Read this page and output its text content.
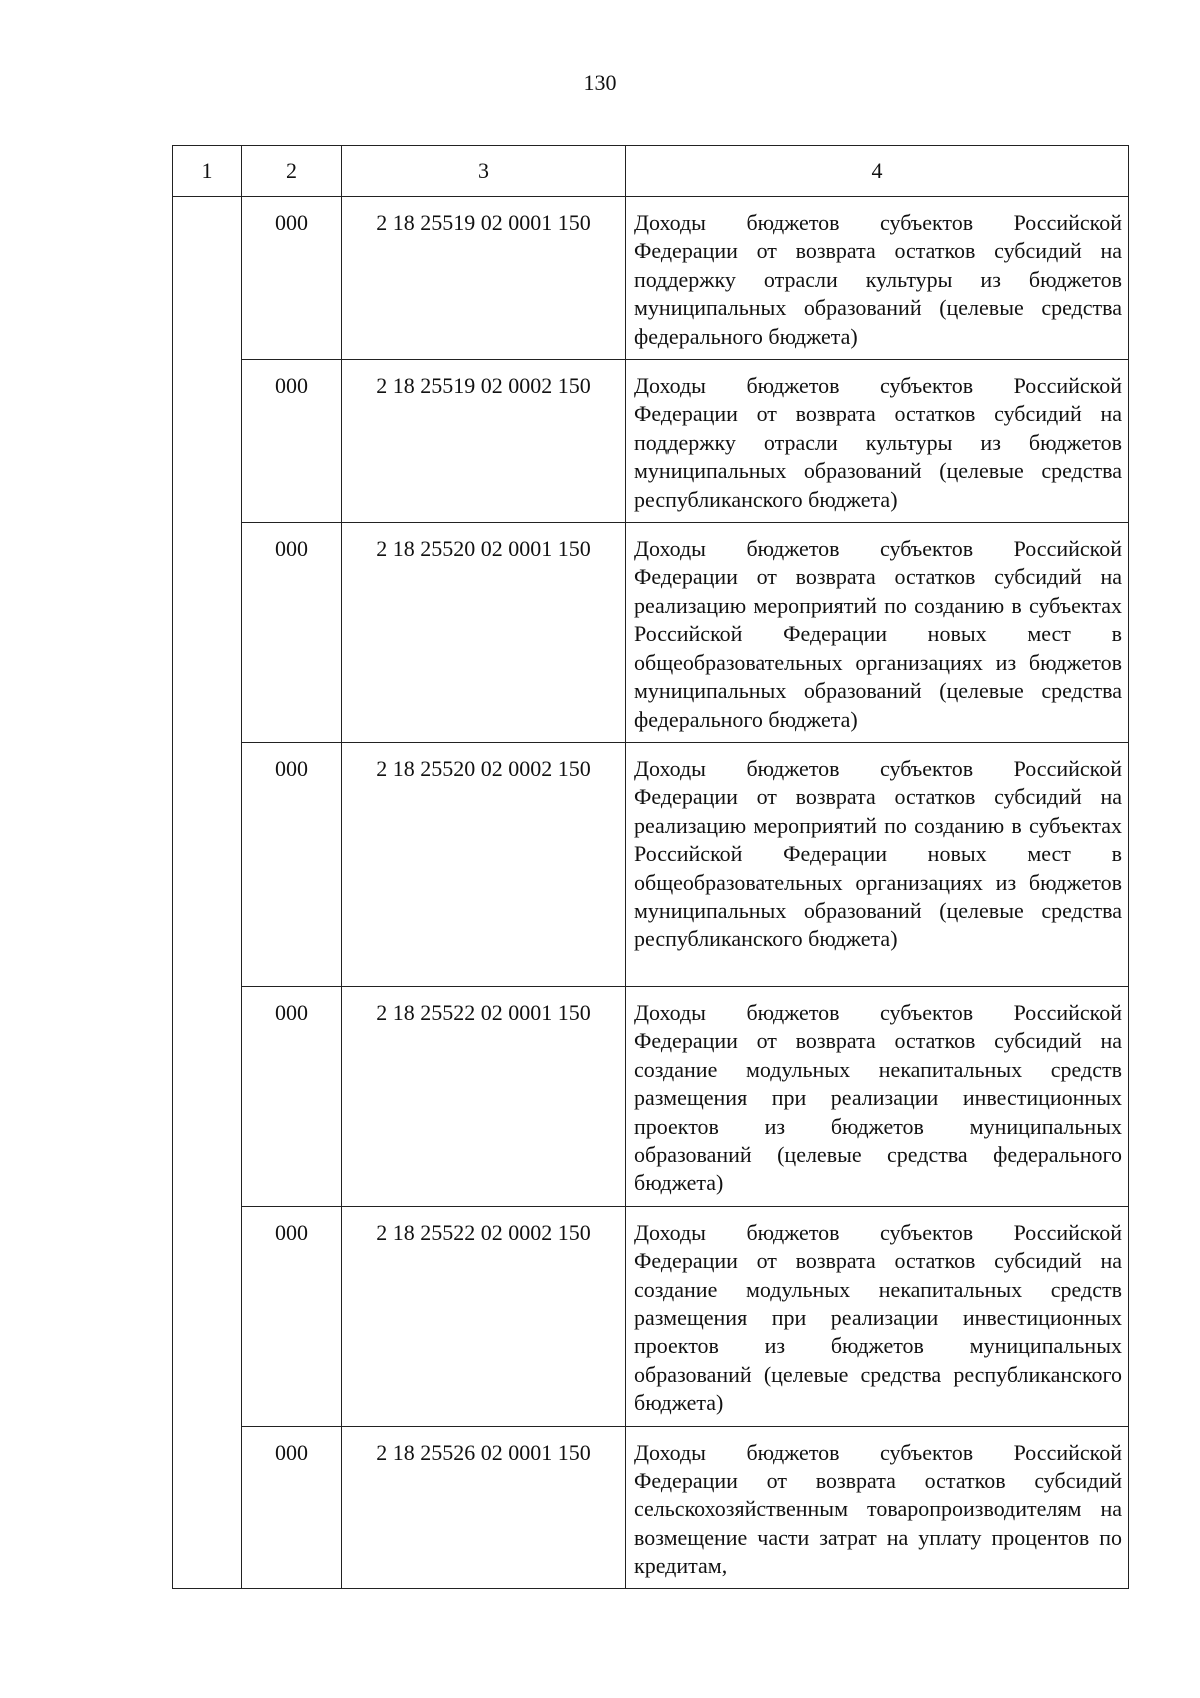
130
1	2	3	4
	000	2 18 25519 02 0001 150	Доходы бюджетов субъектов Российской Федерации от возврата остатков субсидий на поддержку отрасли культуры из бюджетов муниципальных образований (целевые средства федерального бюджета)
	000	2 18 25519 02 0002 150	Доходы бюджетов субъектов Российской Федерации от возврата остатков субсидий на поддержку отрасли культуры из бюджетов муниципальных образований (целевые средства республиканского бюджета)
	000	2 18 25520 02 0001 150	Доходы бюджетов субъектов Российской Федерации от возврата остатков субсидий на реализацию мероприятий по созданию в субъектах Российской Федерации новых мест в общеобразовательных организациях из бюджетов муниципальных образований (целевые средства федерального бюджета)
	000	2 18 25520 02 0002 150	Доходы бюджетов субъектов Российской Федерации от возврата остатков субсидий на реализацию мероприятий по созданию в субъектах Российской Федерации новых мест в общеобразовательных организациях из бюджетов муниципальных образований (целевые средства республиканского бюджета)
	000	2 18 25522 02 0001 150	Доходы бюджетов субъектов Российской Федерации от возврата остатков субсидий на создание модульных некапитальных средств размещения при реализации инвестиционных проектов из бюджетов муниципальных образований (целевые средства федерального бюджета)
	000	2 18 25522 02 0002 150	Доходы бюджетов субъектов Российской Федерации от возврата остатков субсидий на создание модульных некапитальных средств размещения при реализации инвестиционных проектов из бюджетов муниципальных образований (целевые средства республиканского бюджета)
	000	2 18 25526 02 0001 150	Доходы бюджетов субъектов Российской Федерации от возврата остатков субсидий сельскохозяйственным товаропроизводителям на возмещение части затрат на уплату процентов по кредитам,
